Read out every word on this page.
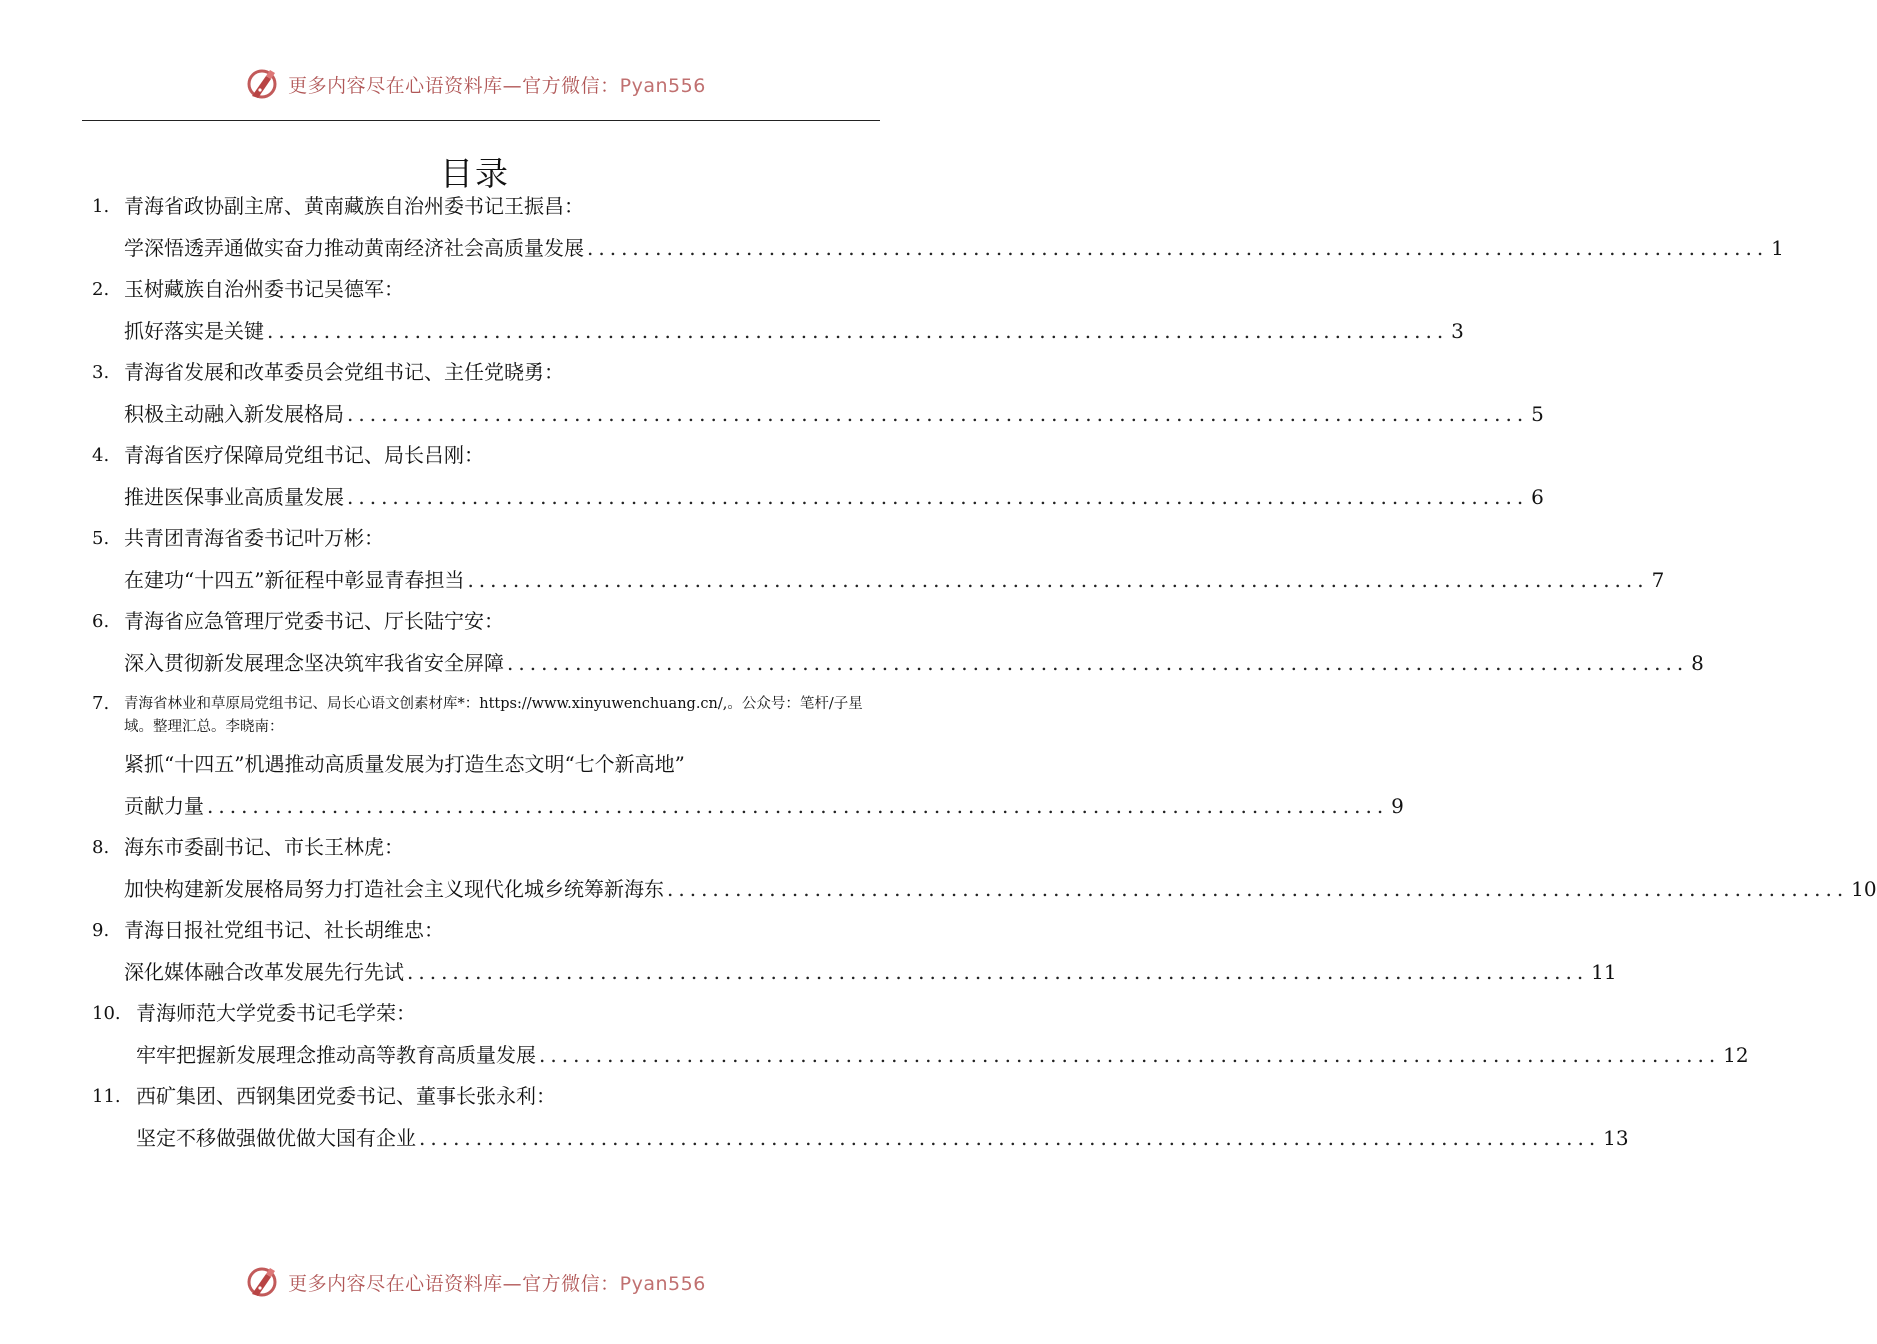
更多内容尽在心语资料库—官方微信：Pyan556
目录
1. 青海省政协副主席、黄南藏族自治州委书记王振昌：
学深悟透弄通做实奋力推动黄南经济社会高质量发展 ........................................................................................................ 1
2. 玉树藏族自治州委书记吴德军：
抓好落实是关键 ........................................................................................................ 3
3. 青海省发展和改革委员会党组书记、主任党晓勇：
积极主动融入新发展格局 ........................................................................................................ 5
4. 青海省医疗保障局党组书记、局长吕刚：
推进医保事业高质量发展 ........................................................................................................ 6
5. 共青团青海省委书记叶万彬：
在建功“十四五”新征程中彰显青春担当 ........................................................................................................ 7
6. 青海省应急管理厅党委书记、厅长陆宁安：
深入贯彻新发展理念坚决筑牢我省安全屏障 ........................................................................................................ 8
7. 青海省林业和草原局党组书记、局长心语文创素材库*：https://www.xinyuwenchuang.cn/,。公众号：笔杆/子星域。整理汇总。李晓南：
紧抓“十四五”机遇推动高质量发展为打造生态文明“七个新高地”
贡献力量 ........................................................................................................ 9
8. 海东市委副书记、市长王林虎：
加快构建新发展格局努力打造社会主义现代化城乡统筹新海东 ........................................................................................................ 10
9. 青海日报社党组书记、社长胡维忠：
深化媒体融合改革发展先行先试 ........................................................................................................ 11
10. 青海师范大学党委书记毛学荣：
牢牢把握新发展理念推动高等教育高质量发展 ........................................................................................................ 12
11. 西矿集团、西钢集团党委书记、董事长张永利：
坚定不移做强做优做大国有企业 ........................................................................................................ 13
更多内容尽在心语资料库—官方微信：Pyan556
